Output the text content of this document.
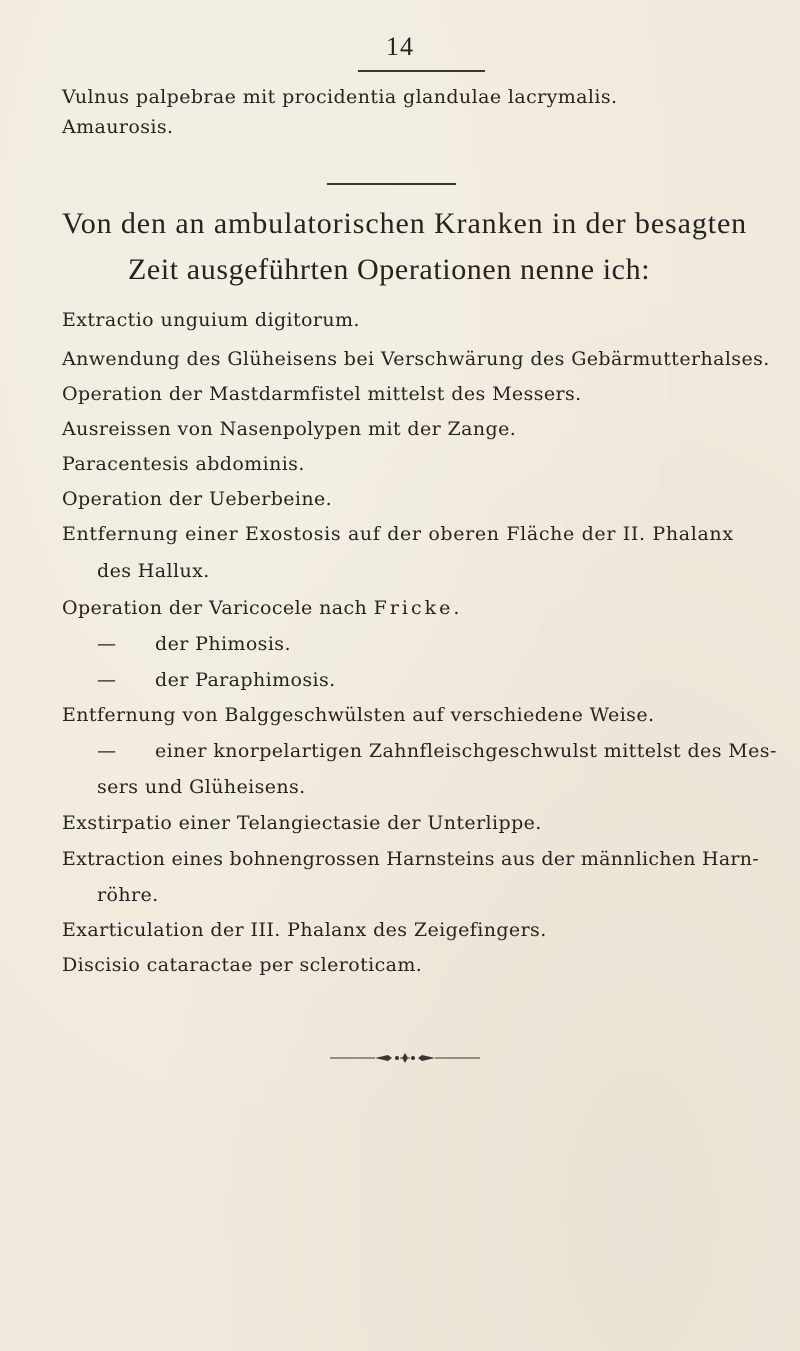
14
Vulnus palpebrae mit procidentia glandulae lacrymalis.
Amaurosis.
Von den an ambulatorischen Kranken in der besagten
Zeit ausgeführten Operationen nenne ich:
Extractio unguium digitorum.
Anwendung des Glüheisens bei Verschwärung des Gebärmutterhalses.
Operation der Mastdarmfistel mittelst des Messers.
Ausreissen von Nasenpolypen mit der Zange.
Paracentesis abdominis.
Operation der Ueberbeine.
Entfernung einer Exostosis auf der oberen Fläche der II. Phalanx
des Hallux.
Operation der Varicocele nach Fricke.
— der Phimosis.
— der Paraphimosis.
Entfernung von Balggeschwülsten auf verschiedene Weise.
— einer knorpelartigen Zahnfleischgeschwulst mittelst des Mes-
sers und Glüheisens.
Exstirpatio einer Telangiectasie der Unterlippe.
Extraction eines bohnengrossen Harnsteins aus der männlichen Harn-
röhre.
Exarticulation der III. Phalanx des Zeigefingers.
Discisio cataractae per scleroticam.
